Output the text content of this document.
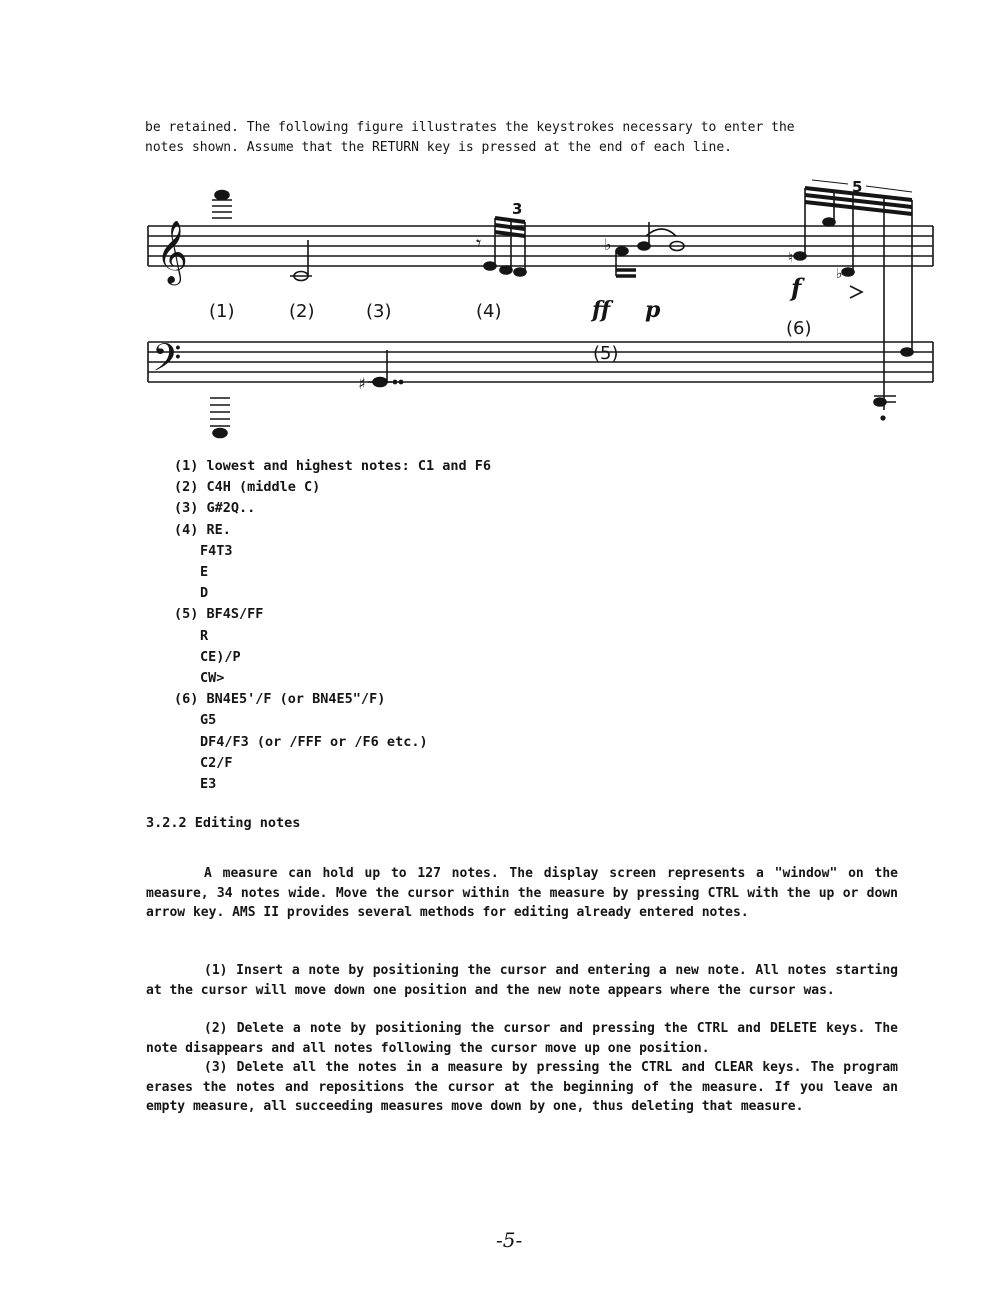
be retained. The following figure illustrates the keystrokes necessary to enter the
notes shown. Assume that the RETURN key is pressed at the end of each line.
𝄞
𝄢	♯
𝄾	♭
♮
♭
(1)	(2)	(3)	(4)
(5)
(6)
3
5
ff p
f
(1) lowest and highest notes: C1 and F6
(2) C4H (middle C)
(3) G#2Q..
(4) RE.
F4T3
E
D
(5) BF4S/FF
R
CE)/P
CW>
(6) BN4E5'/F (or BN4E5"/F)
G5
DF4/F3 (or /FFF or /F6 etc.)
C2/F
E3
3.2.2 Editing notes
A measure can hold up to 127 notes. The display screen represents a "window" on the measure, 34 notes wide. Move the cursor within the measure by pressing CTRL with the up or down arrow key. AMS II provides several methods for editing already entered notes.
(1) Insert a note by positioning the cursor and entering a new note. All notes starting at the cursor will move down one position and the new note appears where the cursor was.
(2) Delete a note by positioning the cursor and pressing the CTRL and DELETE keys. The note disappears and all notes following the cursor move up one position.
(3) Delete all the notes in a measure by pressing the CTRL and CLEAR keys. The program erases the notes and repositions the cursor at the beginning of the measure. If you leave an empty measure, all succeeding measures move down by one, thus deleting that measure.
-5-
